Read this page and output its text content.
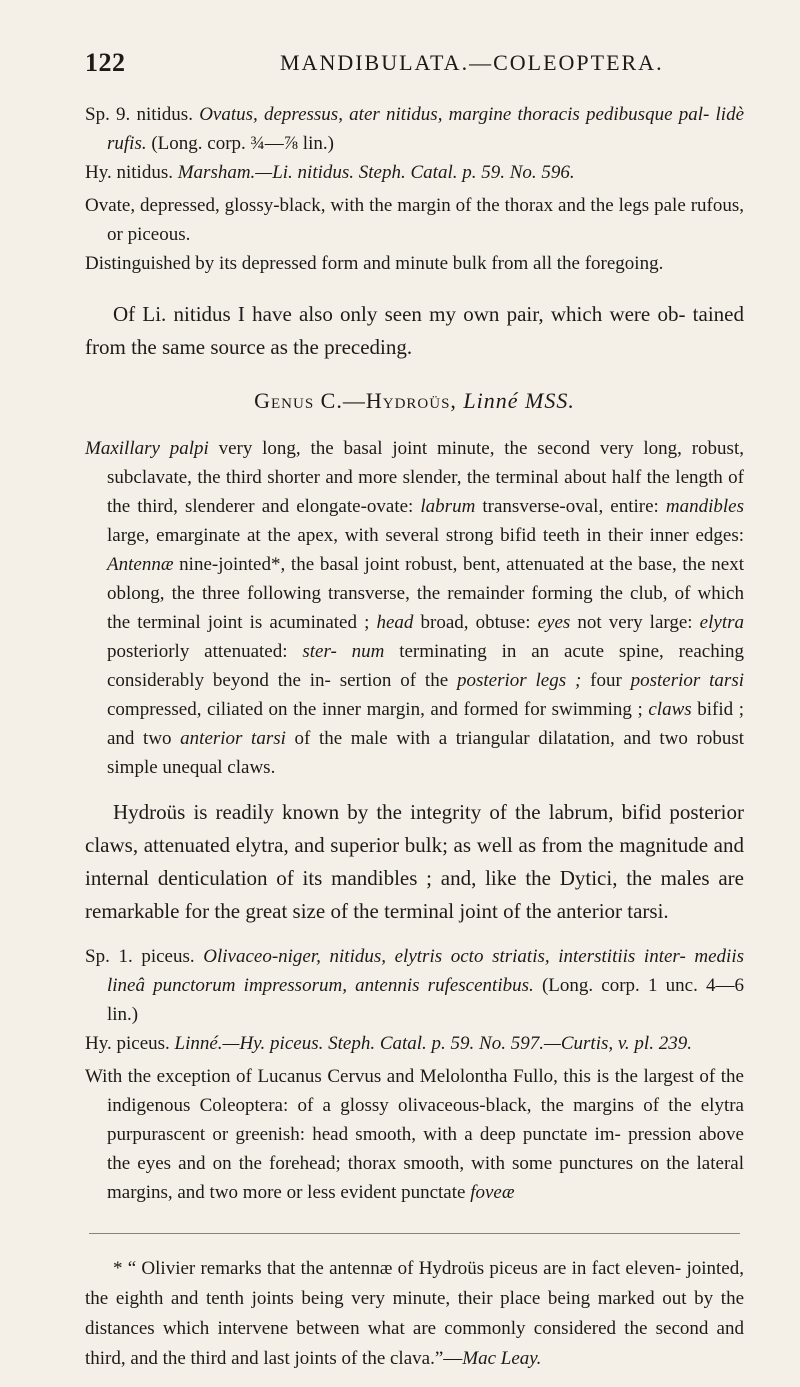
122	MANDIBULATA.—COLEOPTERA.

Sp. 9. nitidus. Ovatus, depressus, ater nitidus, margine thoracis pedibusque pal- lidè rufis. (Long. corp. ¾—⅞ lin.)

Hy. nitidus. Marsham.—Li. nitidus. Steph. Catal. p. 59. No. 596.

Ovate, depressed, glossy-black, with the margin of the thorax and the legs pale rufous, or piceous.

Distinguished by its depressed form and minute bulk from all the foregoing.

Of Li. nitidus I have also only seen my own pair, which were ob- tained from the same source as the preceding.

Genus C.—Hydroüs, Linné MSS.

Maxillary palpi very long, the basal joint minute, the second very long, robust, subclavate, the third shorter and more slender, the terminal about half the length of the third, slenderer and elongate-ovate: labrum transverse-oval, entire: mandibles large, emarginate at the apex, with several strong bifid teeth in their inner edges: Antennæ nine-jointed*, the basal joint robust, bent, attenuated at the base, the next oblong, the three following transverse, the remainder forming the club, of which the terminal joint is acuminated ; head broad, obtuse: eyes not very large: elytra posteriorly attenuated: ster- num terminating in an acute spine, reaching considerably beyond the in- sertion of the posterior legs ; four posterior tarsi compressed, ciliated on the inner margin, and formed for swimming ; claws bifid ; and two anterior tarsi of the male with a triangular dilatation, and two robust simple unequal claws.

Hydroüs is readily known by the integrity of the labrum, bifid posterior claws, attenuated elytra, and superior bulk; as well as from the magnitude and internal denticulation of its mandibles ; and, like the Dytici, the males are remarkable for the great size of the terminal joint of the anterior tarsi.

Sp. 1. piceus. Olivaceo-niger, nitidus, elytris octo striatis, interstitiis inter- mediis lineâ punctorum impressorum, antennis rufescentibus. (Long. corp. 1 unc. 4—6 lin.)

Hy. piceus. Linné.—Hy. piceus. Steph. Catal. p. 59. No. 597.—Curtis, v. pl. 239.

With the exception of Lucanus Cervus and Melolontha Fullo, this is the largest of the indigenous Coleoptera: of a glossy olivaceous-black, the margins of the elytra purpurascent or greenish: head smooth, with a deep punctate im- pression above the eyes and on the forehead; thorax smooth, with some punctures on the lateral margins, and two more or less evident punctate foveæ

* “ Olivier remarks that the antennæ of Hydroüs piceus are in fact eleven- jointed, the eighth and tenth joints being very minute, their place being marked out by the distances which intervene between what are commonly considered the second and third, and the third and last joints of the clava.”—Mac Leay.
